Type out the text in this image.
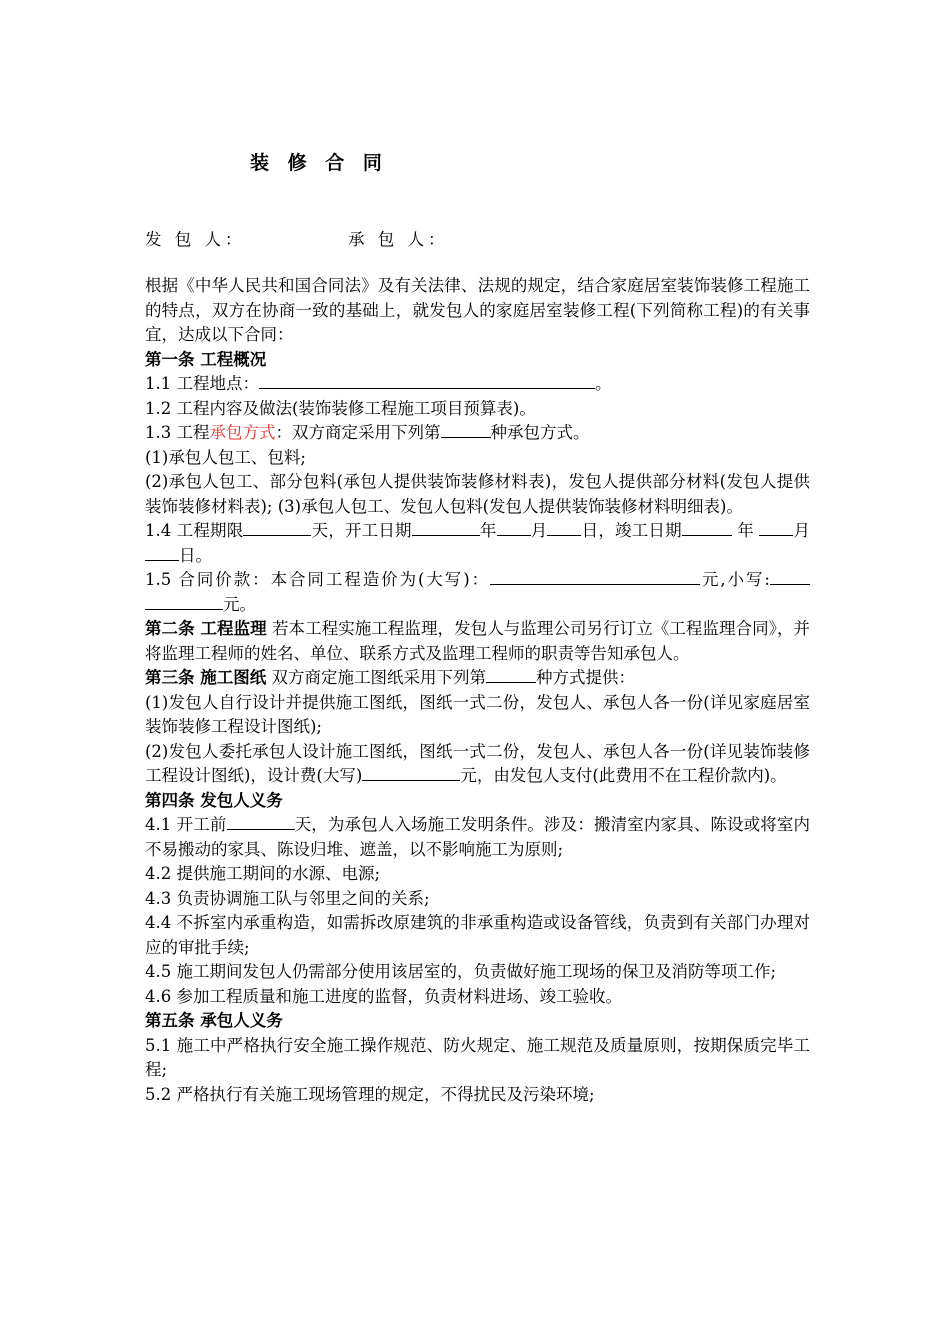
装 修 合 同
发 包 人：	承 包 人：

根据《中华人民共和国合同法》及有关法律、法规的规定，结合家庭居室装饰装修工程施工的特点，双方在协商一致的基础上，就发包人的家庭居室装修工程(下列简称工程)的有关事宜，达成以下合同：

第一条 工程概况

1.1 工程地点：	。

1.2 工程内容及做法(装饰装修工程施工项目预算表)。

1.3 工程承包方式：双方商定采用下列第	种承包方式。

(1)承包人包工、包料;

(2)承包人包工、部分包料(承包人提供装饰装修材料表)，发包人提供部分材料(发包人提供装饰装修材料表); (3)承包人包工、发包人包料(发包人提供装饰装修材料明细表)。

1.4 工程期限	天，开工日期	年 月 日，竣工日期	年 月日。

1.5 合同价款：本合同工程造价为(大写)：	元,小写: 元。

第二条 工程监理 若本工程实施工程监理，发包人与监理公司另行订立《工程监理合同》，并将监理工程师的姓名、单位、联系方式及监理工程师的职责等告知承包人。

第三条 施工图纸 双方商定施工图纸采用下列第	种方式提供：

(1)发包人自行设计并提供施工图纸，图纸一式二份，发包人、承包人各一份(详见家庭居室装饰装修工程设计图纸);

(2)发包人委托承包人设计施工图纸，图纸一式二份，发包人、承包人各一份(详见装饰装修工程设计图纸)，设计费(大写)	元，由发包人支付(此费用不在工程价款内)。

第四条 发包人义务

4.1 开工前	天，为承包人入场施工发明条件。涉及：搬清室内家具、陈设或将室内不易搬动的家具、陈设归堆、遮盖，以不影响施工为原则;

4.2 提供施工期间的水源、电源;

4.3 负责协调施工队与邻里之间的关系;

4.4 不拆室内承重构造，如需拆改原建筑的非承重构造或设备管线，负责到有关部门办理对应的审批手续;

4.5 施工期间发包人仍需部分使用该居室的，负责做好施工现场的保卫及消防等项工作;

4.6 参加工程质量和施工进度的监督，负责材料进场、竣工验收。

第五条 承包人义务

5.1 施工中严格执行安全施工操作规范、防火规定、施工规范及质量原则，按期保质完毕工程;

5.2 严格执行有关施工现场管理的规定，不得扰民及污染环境;
